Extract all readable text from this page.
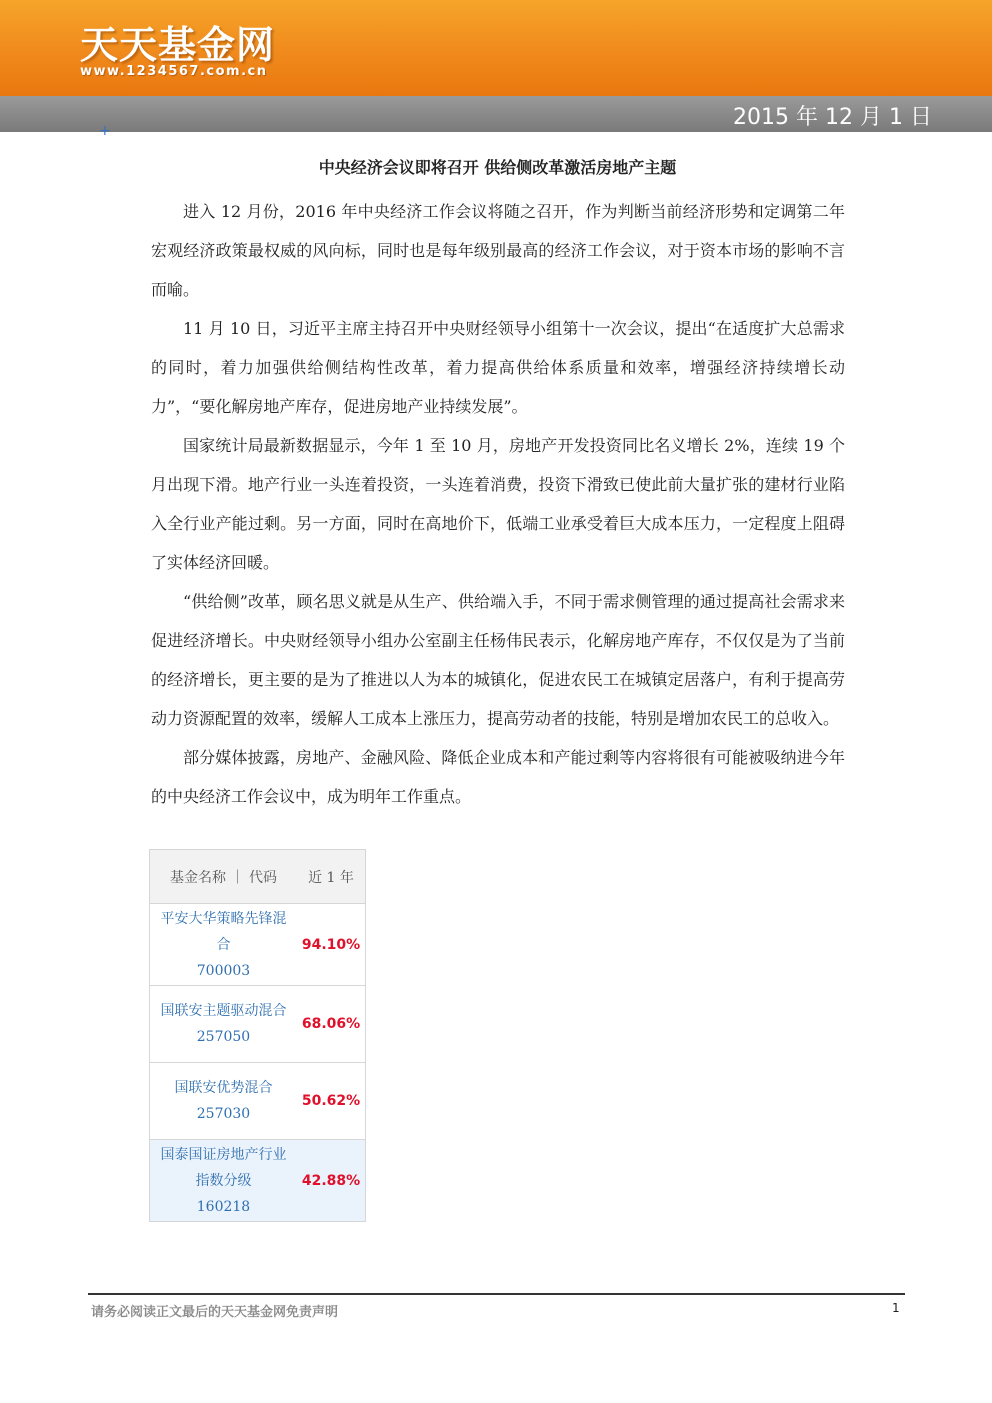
天天基金网
www.1234567.com.cn
2015 年 12 月 1 日
+
中央经济会议即将召开 供给侧改革激活房地产主题

进入 12 月份，2016 年中央经济工作会议将随之召开，作为判断当前经济形势和定调第二年宏观经济政策最权威的风向标，同时也是每年级别最高的经济工作会议，对于资本市场的影响不言而喻。

11 月 10 日，习近平主席主持召开中央财经领导小组第十一次会议，提出“在适度扩大总需求的同时，着力加强供给侧结构性改革，着力提高供给体系质量和效率，增强经济持续增长动力”，“要化解房地产库存，促进房地产业持续发展”。

国家统计局最新数据显示，今年 1 至 10 月，房地产开发投资同比名义增长 2%，连续 19 个月出现下滑。地产行业一头连着投资，一头连着消费，投资下滑致已使此前大量扩张的建材行业陷入全行业产能过剩。另一方面，同时在高地价下，低端工业承受着巨大成本压力，一定程度上阻碍了实体经济回暖。

“供给侧”改革，顾名思义就是从生产、供给端入手，不同于需求侧管理的通过提高社会需求来促进经济增长。中央财经领导小组办公室副主任杨伟民表示，化解房地产库存，不仅仅是为了当前的经济增长，更主要的是为了推进以人为本的城镇化，促进农民工在城镇定居落户，有利于提高劳动力资源配置的效率，缓解人工成本上涨压力，提高劳动者的技能，特别是增加农民工的总收入。

部分媒体披露，房地产、金融风险、降低企业成本和产能过剩等内容将很有可能被吸纳进今年的中央经济工作会议中，成为明年工作重点。

基金名称 ｜ 代码	近 1 年
平安大华策略先锋混
合
700003
94.10%
国联安主题驱动混合
257050
68.06%
国联安优势混合
257030
50.62%
国泰国证房地产行业
指数分级
160218
42.88%
请务必阅读正文最后的天天基金网免责声明	1
